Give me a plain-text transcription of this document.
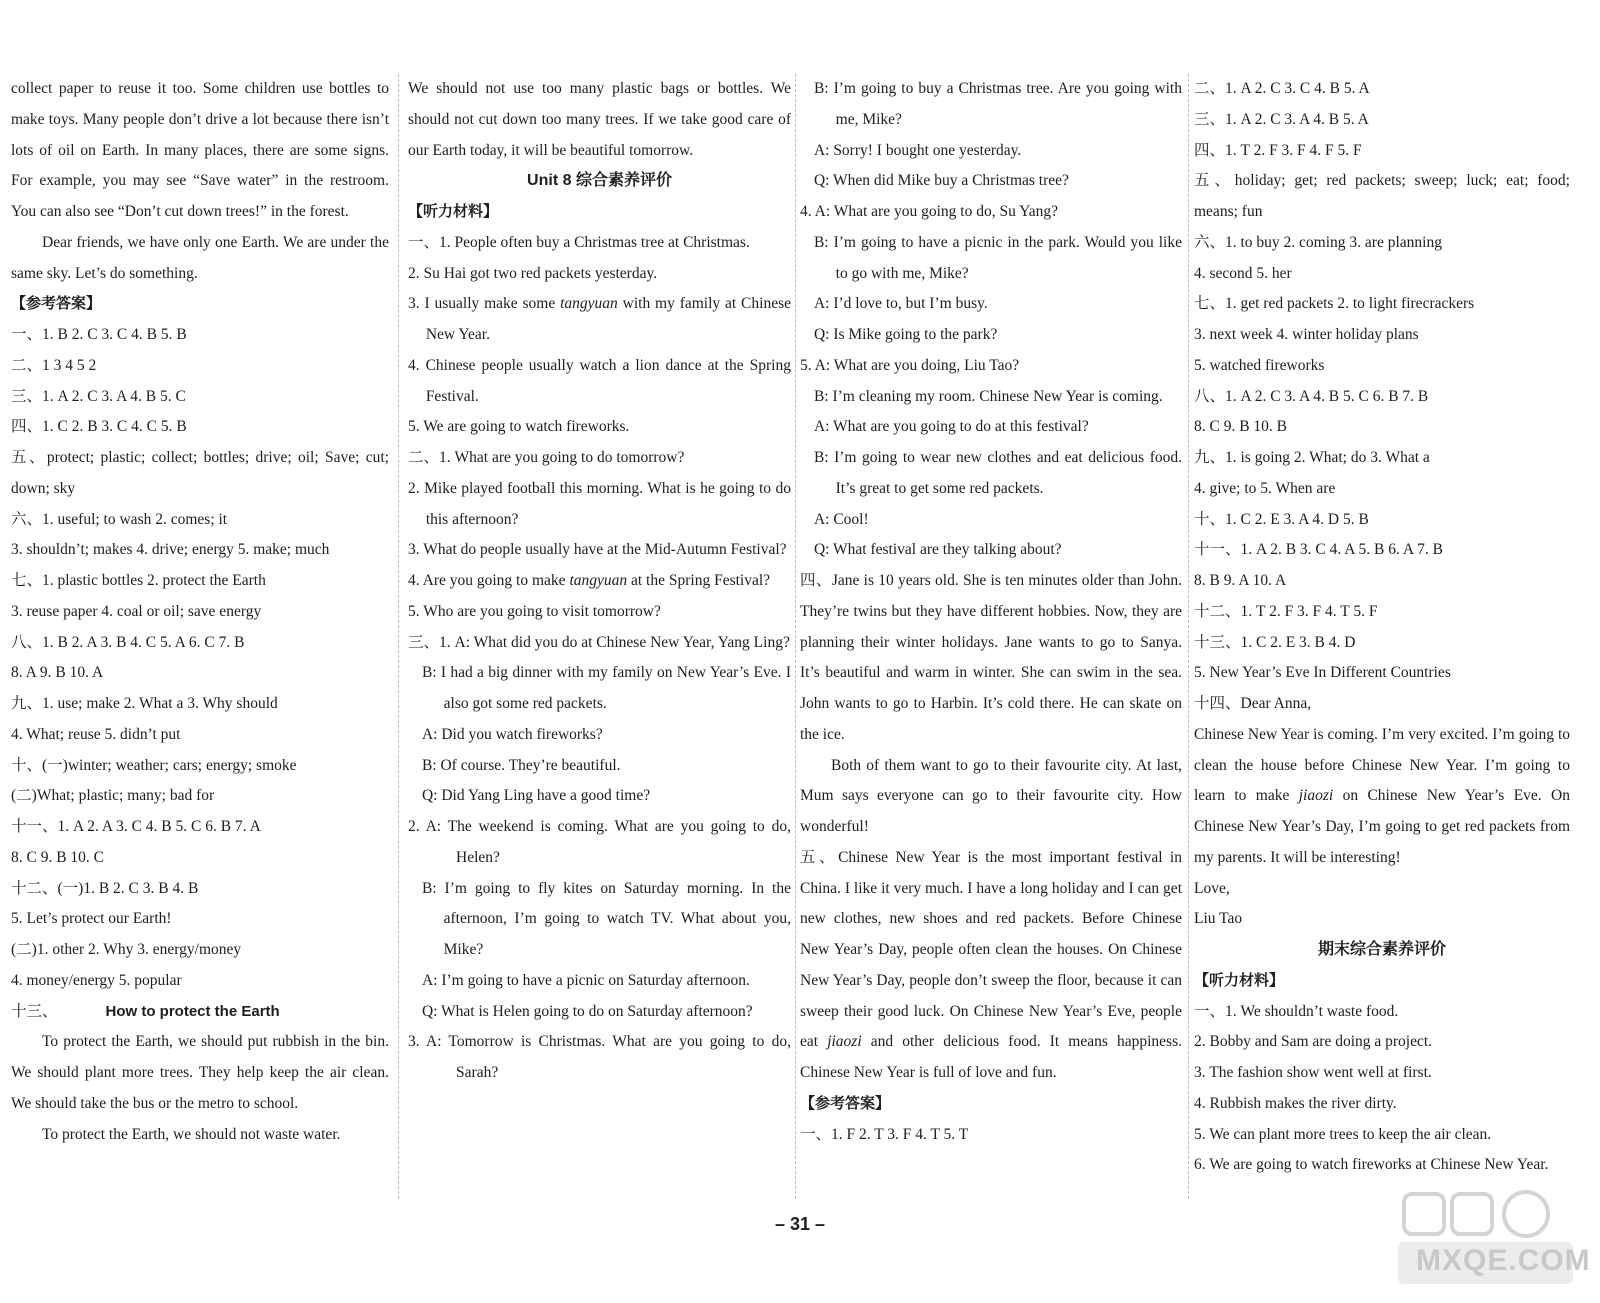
collect paper to reuse it too. Some children use bottles to make toys. Many people don’t drive a lot because there isn’t lots of oil on Earth. In many places, there are some signs. For example, you may see “Save water” in the restroom. You can also see “Don’t cut down trees!” in the forest.

Dear friends, we have only one Earth. We are under the same sky. Let’s do something.

【参考答案】

一、1. B 2. C 3. C 4. B 5. B

二、1 3 4 5 2

三、1. A 2. C 3. A 4. B 5. C

四、1. C 2. B 3. C 4. C 5. B

五、protect; plastic; collect; bottles; drive; oil; Save; cut; down; sky

六、1. useful; to wash 2. comes; it

3. shouldn’t; makes 4. drive; energy 5. make; much

七、1. plastic bottles 2. protect the Earth

3. reuse paper 4. coal or oil; save energy

八、1. B 2. A 3. B 4. C 5. A 6. C 7. B

8. A 9. B 10. A

九、1. use; make 2. What a 3. Why should

4. What; reuse 5. didn’t put

十、(一)winter; weather; cars; energy; smoke

(二)What; plastic; many; bad for

十一、1. A 2. A 3. C 4. B 5. C 6. B 7. A

8. C 9. B 10. C

十二、(一)1. B 2. C 3. B 4. B

5. Let’s protect our Earth!

(二)1. other 2. Why 3. energy/money

4. money/energy 5. popular

十三、	How to protect the Earth

To protect the Earth, we should put rubbish in the bin. We should plant more trees. They help keep the air clean. We should take the bus or the metro to school.

To protect the Earth, we should not waste water.

We should not use too many plastic bags or bottles. We should not cut down too many trees. If we take good care of our Earth today, it will be beautiful tomorrow.

Unit 8 综合素养评价

【听力材料】

一、1. People often buy a Christmas tree at Christmas.

2. Su Hai got two red packets yesterday.

3. I usually make some tangyuan with my family at Chinese New Year.

4. Chinese people usually watch a lion dance at the Spring Festival.

5. We are going to watch fireworks.

二、1. What are you going to do tomorrow?

2. Mike played football this morning. What is he going to do this afternoon?

3. What do people usually have at the Mid-Autumn Festival?

4. Are you going to make tangyuan at the Spring Festival?

5. Who are you going to visit tomorrow?

三、1. A: What did you do at Chinese New Year, Yang Ling?

B: I had a big dinner with my family on New Year’s Eve. I also got some red packets.

A: Did you watch fireworks?

B: Of course. They’re beautiful.

Q: Did Yang Ling have a good time?

2. A: The weekend is coming. What are you going to do, Helen?

B: I’m going to fly kites on Saturday morning. In the afternoon, I’m going to watch TV. What about you, Mike?

A: I’m going to have a picnic on Saturday afternoon.

Q: What is Helen going to do on Saturday afternoon?

3. A: Tomorrow is Christmas. What are you going to do, Sarah?

B: I’m going to buy a Christmas tree. Are you going with me, Mike?

A: Sorry! I bought one yesterday.

Q: When did Mike buy a Christmas tree?

4. A: What are you going to do, Su Yang?

B: I’m going to have a picnic in the park. Would you like to go with me, Mike?

A: I’d love to, but I’m busy.

Q: Is Mike going to the park?

5. A: What are you doing, Liu Tao?

B: I’m cleaning my room. Chinese New Year is coming.

A: What are you going to do at this festival?

B: I’m going to wear new clothes and eat delicious food. It’s great to get some red packets.

A: Cool!

Q: What festival are they talking about?

四、Jane is 10 years old. She is ten minutes older than John. They’re twins but they have different hobbies. Now, they are planning their winter holidays. Jane wants to go to Sanya. It’s beautiful and warm in winter. She can swim in the sea. John wants to go to Harbin. It’s cold there. He can skate on the ice.

Both of them want to go to their favourite city. At last, Mum says everyone can go to their favourite city. How wonderful!

五、Chinese New Year is the most important festival in China. I like it very much. I have a long holiday and I can get new clothes, new shoes and red packets. Before Chinese New Year’s Day, people often clean the houses. On Chinese New Year’s Day, people don’t sweep the floor, because it can sweep their good luck. On Chinese New Year’s Eve, people eat jiaozi and other delicious food. It means happiness. Chinese New Year is full of love and fun.

【参考答案】

一、1. F 2. T 3. F 4. T 5. T

二、1. A 2. C 3. C 4. B 5. A

三、1. A 2. C 3. A 4. B 5. A

四、1. T 2. F 3. F 4. F 5. F

五、holiday; get; red packets; sweep; luck; eat; food; means; fun

六、1. to buy 2. coming 3. are planning

4. second 5. her

七、1. get red packets 2. to light firecrackers

3. next week 4. winter holiday plans

5. watched fireworks

八、1. A 2. C 3. A 4. B 5. C 6. B 7. B

8. C 9. B 10. B

九、1. is going 2. What; do 3. What a

4. give; to 5. When are

十、1. C 2. E 3. A 4. D 5. B

十一、1. A 2. B 3. C 4. A 5. B 6. A 7. B

8. B 9. A 10. A

十二、1. T 2. F 3. F 4. T 5. F

十三、1. C 2. E 3. B 4. D

5. New Year’s Eve In Different Countries

十四、Dear Anna,

Chinese New Year is coming. I’m very excited. I’m going to clean the house before Chinese New Year. I’m going to learn to make jiaozi on Chinese New Year’s Eve. On Chinese New Year’s Day, I’m going to get red packets from my parents. It will be interesting!

Love,

Liu Tao

期末综合素养评价

【听力材料】

一、1. We shouldn’t waste food.

2. Bobby and Sam are doing a project.

3. The fashion show went well at first.

4. Rubbish makes the river dirty.

5. We can plant more trees to keep the air clean.

6. We are going to watch fireworks at Chinese New Year.

– 31 –
MXQE.COM
